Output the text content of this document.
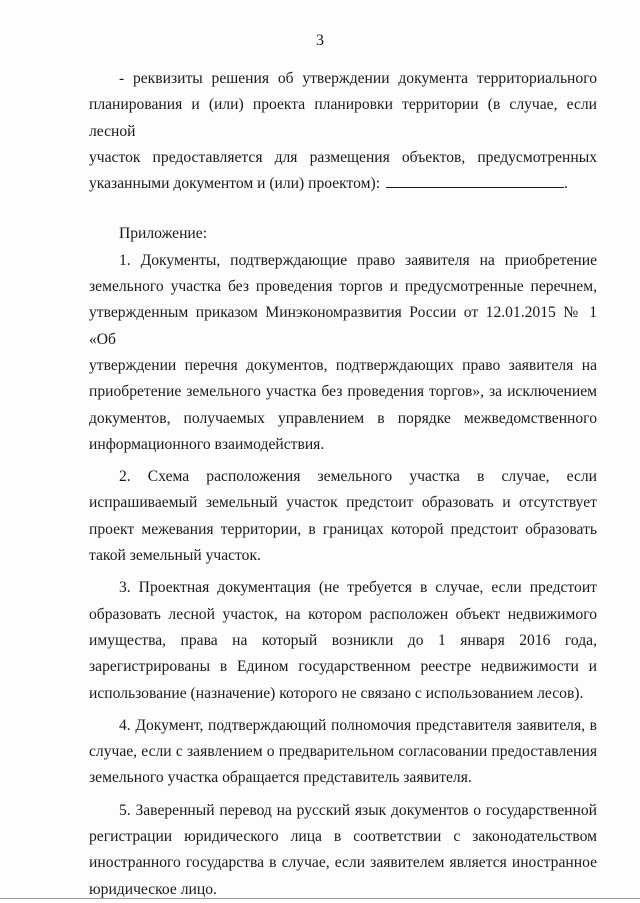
3
- реквизиты решения об утверждении документа территориального
планирования и (или) проекта планировки территории (в случае, если лесной
участок предоставляется для размещения объектов, предусмотренных
указанными документом и (или) проектом):	.
Приложение:
1. Документы, подтверждающие право заявителя на приобретение
земельного участка без проведения торгов и предусмотренные перечнем,
утвержденным приказом Минэкономразвития России от 12.01.2015 № 1 «Об
утверждении перечня документов, подтверждающих право заявителя на
приобретение земельного участка без проведения торгов», за исключением
документов, получаемых управлением в порядке межведомственного
информационного взаимодействия.
2. Схема расположения земельного участка в случае, если
испрашиваемый земельный участок предстоит образовать и отсутствует
проект межевания территории, в границах которой предстоит образовать
такой земельный участок.
3. Проектная документация (не требуется в случае, если предстоит
образовать лесной участок, на котором расположен объект недвижимого
имущества, права на который возникли до 1 января 2016 года,
зарегистрированы в Едином государственном реестре недвижимости и
использование (назначение) которого не связано с использованием лесов).
4. Документ, подтверждающий полномочия представителя заявителя, в
случае, если с заявлением о предварительном согласовании предоставления
земельного участка обращается представитель заявителя.
5. Заверенный перевод на русский язык документов о государственной
регистрации юридического лица в соответствии с законодательством
иностранного государства в случае, если заявителем является иностранное
юридическое лицо.
